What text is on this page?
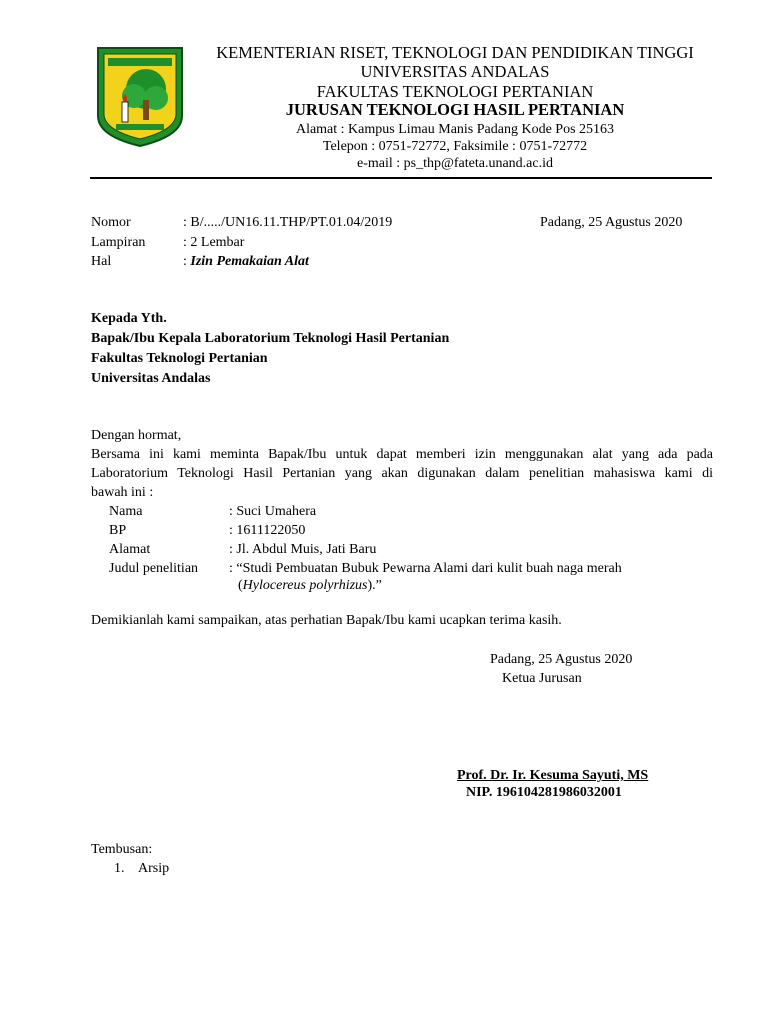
KEMENTERIAN RISET, TEKNOLOGI DAN PENDIDIKAN TINGGI
UNIVERSITAS ANDALAS
FAKULTAS TEKNOLOGI PERTANIAN
JURUSAN TEKNOLOGI HASIL PERTANIAN
Alamat : Kampus Limau Manis Padang Kode Pos 25163
Telepon : 0751-72772, Faksimile : 0751-72772
e-mail : ps_thp@fateta.unand.ac.id
Nomor	: B/...../UN16.11.THP/PT.01.04/2019	Padang, 25 Agustus 2020
Lampiran	: 2 Lembar
Hal	: Izin Pemakaian Alat
Kepada Yth.
Bapak/Ibu Kepala Laboratorium Teknologi Hasil Pertanian
Fakultas Teknologi Pertanian
Universitas Andalas
Dengan hormat,
Bersama ini kami meminta Bapak/Ibu untuk dapat memberi izin menggunakan alat yang ada pada
Laboratorium Teknologi Hasil Pertanian yang akan digunakan dalam penelitian mahasiswa kami di
bawah ini :
Nama	: Suci Umahera
BP	: 1611122050
Alamat	: Jl. Abdul Muis, Jati Baru
Judul penelitian : “Studi Pembuatan Bubuk Pewarna Alami dari kulit buah naga merah
(Hylocereus polyrhizus).”
Demikianlah kami sampaikan, atas perhatian Bapak/Ibu kami ucapkan terima kasih.
Padang, 25 Agustus 2020
Ketua Jurusan
Prof. Dr. Ir. Kesuma Sayuti, MS
NIP. 196104281986032001
Tembusan:
1. Arsip
